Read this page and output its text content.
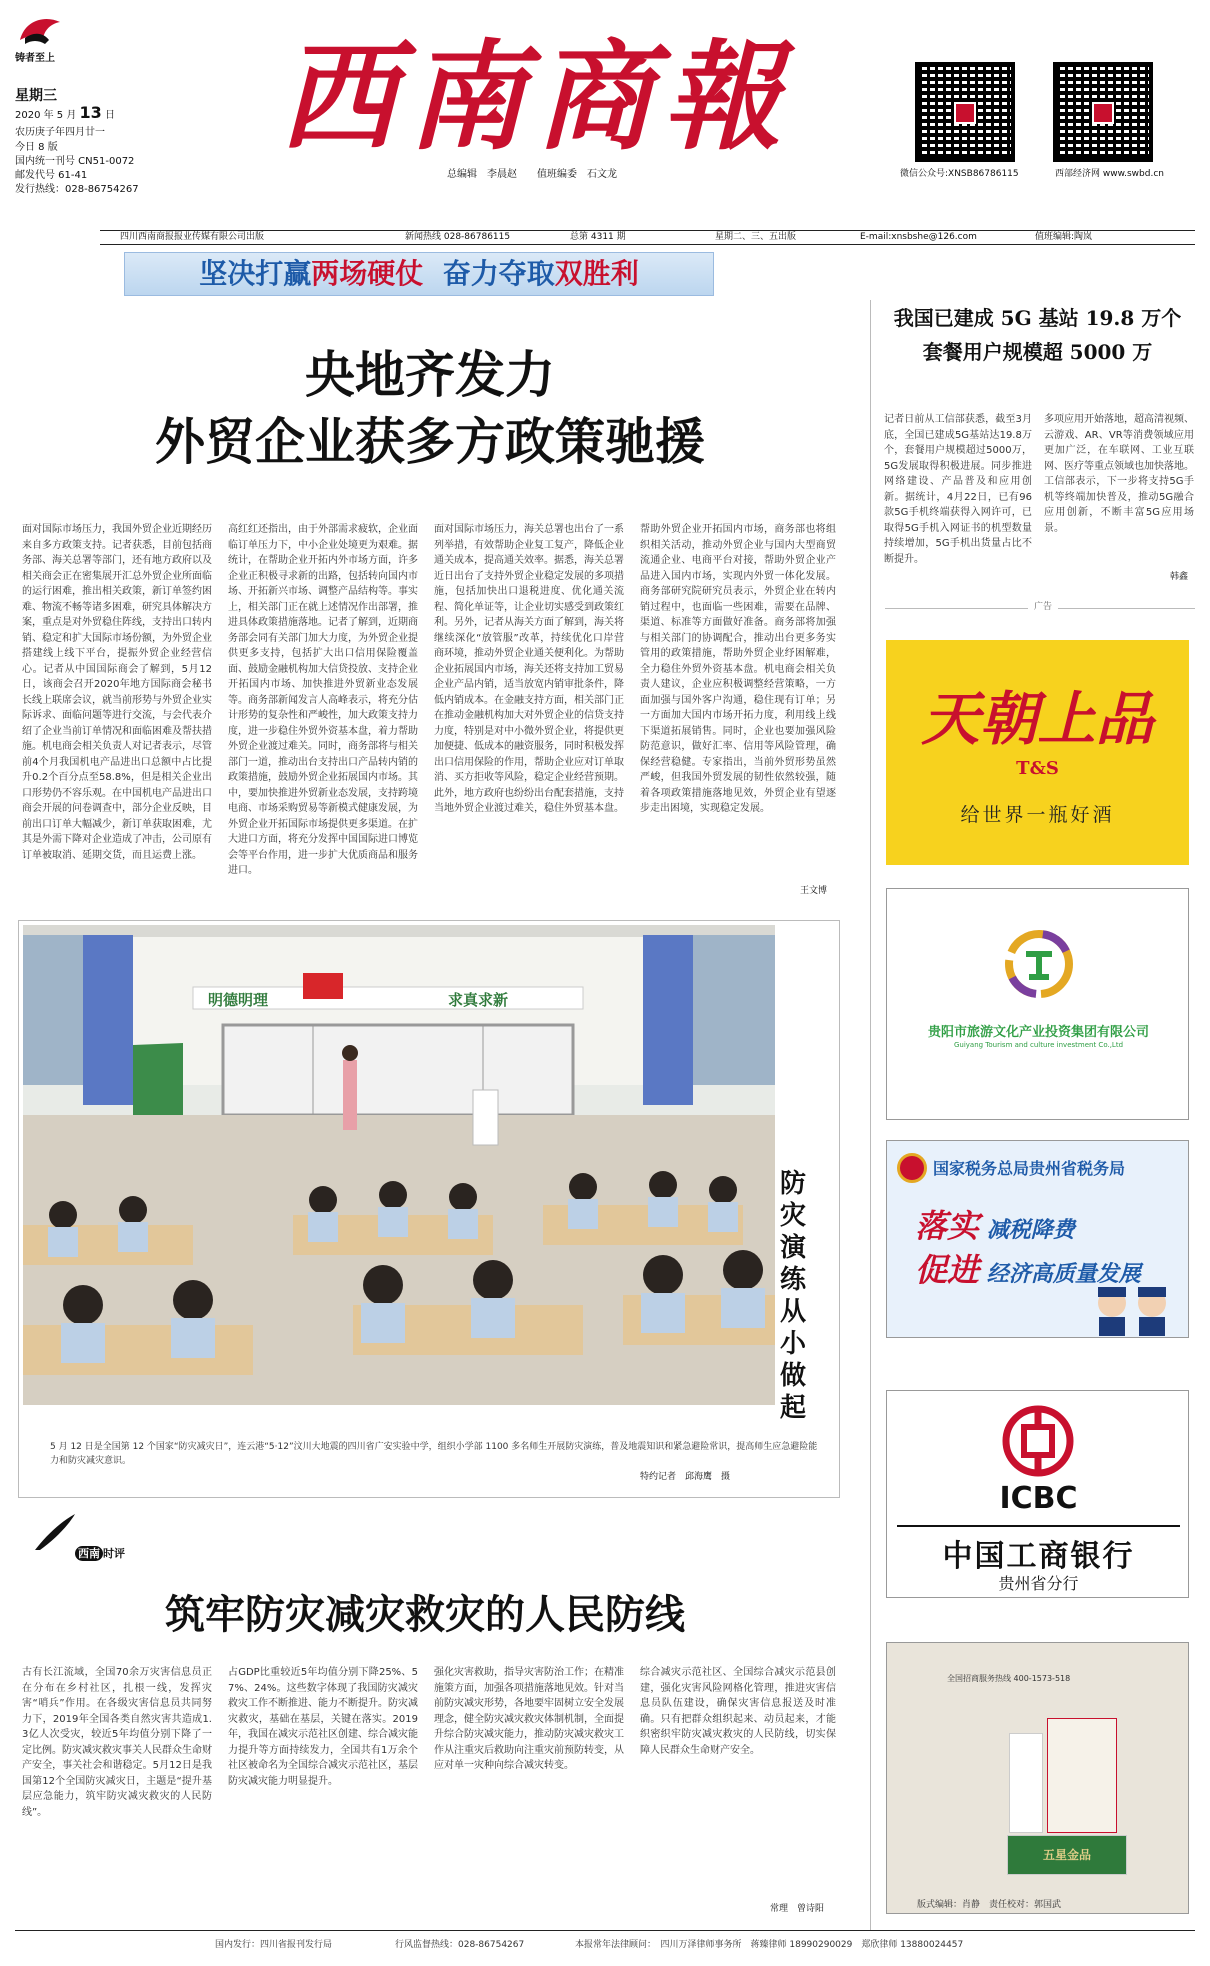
铸者至上
星期三
2020 年 5 月 13 日
农历庚子年四月廿一
今日 8 版
国内统一刊号 CN51-0072
邮发代号 61-41
发行热线：028-86754267
西南商報
总编辑　李晨赵　　值班编委　石文龙	微信公众号:XNSB86786115	西部经济网 www.swbd.cn
四川西南商报报业传媒有限公司出版	新闻热线 028-86786115	总第 4311 期	星期二、三、五出版	E-mail:xnsbshe@126.com	值班编辑:陶岚
坚决打赢两场硬仗 奋力夺取双胜利
央地齐发力
外贸企业获多方政策驰援
面对国际市场压力，我国外贸企业近期经历来自多方政策支持。记者获悉，目前包括商务部、海关总署等部门，还有地方政府以及相关商会正在密集展开汇总外贸企业所面临的运行困难，推出相关政策，新订单签约困难、物流不畅等诸多困难，研究具体解决方案，重点是对外贸稳住阵线，支持出口转内销、稳定和扩大国际市场份额，为外贸企业搭建线上线下平台，提振外贸企业经营信心。记者从中国国际商会了解到，5月12日，该商会召开2020年地方国际商会秘书长线上联席会议，就当前形势与外贸企业实际诉求、面临问题等进行交流，与会代表介绍了企业当前订单情况和面临困难及帮扶措施。机电商会相关负责人对记者表示，尽管前4个月我国机电产品进出口总额中占比提升0.2个百分点至58.8%，但是相关企业出口形势仍不容乐观。在中国机电产品进出口商会开展的问卷调查中，部分企业反映，目前出口订单大幅减少，新订单获取困难，尤其是外需下降对企业造成了冲击，公司原有订单被取消、延期交货，而且运费上涨。
高红红还指出，由于外部需求疲软，企业面临订单压力下，中小企业处境更为艰难。据统计，在帮助企业开拓内外市场方面，许多企业正积极寻求新的出路，包括转向国内市场、开拓新兴市场、调整产品结构等。事实上，相关部门正在就上述情况作出部署，推进具体政策措施落地。记者了解到，近期商务部会同有关部门加大力度，为外贸企业提供更多支持，包括扩大出口信用保险覆盖面、鼓励金融机构加大信贷投放、支持企业开拓国内市场、加快推进外贸新业态发展等。商务部新闻发言人高峰表示，将充分估计形势的复杂性和严峻性，加大政策支持力度，进一步稳住外贸外资基本盘，着力帮助外贸企业渡过难关。同时，商务部将与相关部门一道，推动出台支持出口产品转内销的政策措施，鼓励外贸企业拓展国内市场。其中，要加快推进外贸新业态发展，支持跨境电商、市场采购贸易等新模式健康发展，为外贸企业开拓国际市场提供更多渠道。在扩大进口方面，将充分发挥中国国际进口博览会等平台作用，进一步扩大优质商品和服务进口。
面对国际市场压力，海关总署也出台了一系列举措，有效帮助企业复工复产，降低企业通关成本，提高通关效率。据悉，海关总署近日出台了支持外贸企业稳定发展的多项措施，包括加快出口退税进度、优化通关流程、简化单证等，让企业切实感受到政策红利。另外，记者从海关方面了解到，海关将继续深化“放管服”改革，持续优化口岸营商环境，推动外贸企业通关便利化。为帮助企业拓展国内市场，海关还将支持加工贸易企业产品内销，适当放宽内销审批条件，降低内销成本。在金融支持方面，相关部门正在推动金融机构加大对外贸企业的信贷支持力度，特别是对中小微外贸企业，将提供更加便捷、低成本的融资服务，同时积极发挥出口信用保险的作用，帮助企业应对订单取消、买方拒收等风险，稳定企业经营预期。此外，地方政府也纷纷出台配套措施，支持当地外贸企业渡过难关，稳住外贸基本盘。
帮助外贸企业开拓国内市场，商务部也将组织相关活动，推动外贸企业与国内大型商贸流通企业、电商平台对接，帮助外贸企业产品进入国内市场，实现内外贸一体化发展。商务部研究院研究员表示，外贸企业在转内销过程中，也面临一些困难，需要在品牌、渠道、标准等方面做好准备。商务部将加强与相关部门的协调配合，推动出台更多务实管用的政策措施，帮助外贸企业纾困解难，全力稳住外贸外资基本盘。机电商会相关负责人建议，企业应积极调整经营策略，一方面加强与国外客户沟通，稳住现有订单；另一方面加大国内市场开拓力度，利用线上线下渠道拓展销售。同时，企业也要加强风险防范意识，做好汇率、信用等风险管理，确保经营稳健。专家指出，当前外贸形势虽然严峻，但我国外贸发展的韧性依然较强，随着各项政策措施落地见效，外贸企业有望逐步走出困境，实现稳定发展。
王文博
我国已建成 5G 基站 19.8 万个
套餐用户规模超 5000 万
记者日前从工信部获悉，截至3月底，全国已建成5G基站达19.8万个，套餐用户规模超过5000万，5G发展取得积极进展。同步推进网络建设、产品普及和应用创新。据统计，4月22日，已有96款5G手机终端获得入网许可，已取得5G手机入网证书的机型数量持续增加，5G手机出货量占比不断提升。
多项应用开始落地，超高清视频、云游戏、AR、VR等消费领域应用更加广泛，在车联网、工业互联网、医疗等重点领域也加快落地。工信部表示，下一步将支持5G手机等终端加快普及，推动5G融合应用创新，不断丰富5G应用场景。
韩鑫
广告
天朝上品
T&S
给世界一瓶好酒
贵阳市旅游文化产业投资集团有限公司
Guiyang Tourism and culture investment Co.,Ltd
国家税务总局贵州省税务局
落实 减税降费
促进 经济高质量发展
ICBC
中国工商银行
贵州省分行
全国招商服务热线 400-1573-518
五星金品
版式编辑：肖静　责任校对：郭国武
明德明理	求真求新
防灾演练 从小做起
5 月 12 日是全国第 12 个国家“防灾减灾日”，连云港“5·12”汶川大地震的四川省广安实验中学，组织小学部 1100 多名师生开展防灾演练，普及地震知识和紧急避险常识，提高师生应急避险能力和防灾减灾意识。
特约记者　邱海鹰　摄
西南 时评
筑牢防灾减灾救灾的人民防线
古有长江流域，全国70余万灾害信息员正在分布在乡村社区，扎根一线，发挥灾害“哨兵”作用。在各级灾害信息员共同努力下，2019年全国各类自然灾害共造成1.3亿人次受灾，较近5年均值分别下降了一定比例。防灾减灾救灾事关人民群众生命财产安全，事关社会和谐稳定。5月12日是我国第12个全国防灾减灾日，主题是“提升基层应急能力，筑牢防灾减灾救灾的人民防线”。
占GDP比重较近5年均值分别下降25%、57%、24%。这些数字体现了我国防灾减灾救灾工作不断推进、能力不断提升。防灾减灾救灾，基础在基层，关键在落实。2019年，我国在减灾示范社区创建、综合减灾能力提升等方面持续发力，全国共有1万余个社区被命名为全国综合减灾示范社区，基层防灾减灾能力明显提升。
强化灾害救助，指导灾害防治工作；在精准施策方面，加强各项措施落地见效。针对当前防灾减灾形势，各地要牢固树立安全发展理念，健全防灾减灾救灾体制机制，全面提升综合防灾减灾能力，推动防灾减灾救灾工作从注重灾后救助向注重灾前预防转变，从应对单一灾种向综合减灾转变。
综合减灾示范社区、全国综合减灾示范县创建，强化灾害风险网格化管理，推进灾害信息员队伍建设，确保灾害信息报送及时准确。只有把群众组织起来、动员起来，才能织密织牢防灾减灾救灾的人民防线，切实保障人民群众生命财产安全。
常理　曾诗阳
国内发行：四川省报刊发行局	行风监督热线：028-86754267	本报常年法律顾问：　四川万泽律师事务所　蒋臻律师 18990290029　郑欣律师 13880024457
